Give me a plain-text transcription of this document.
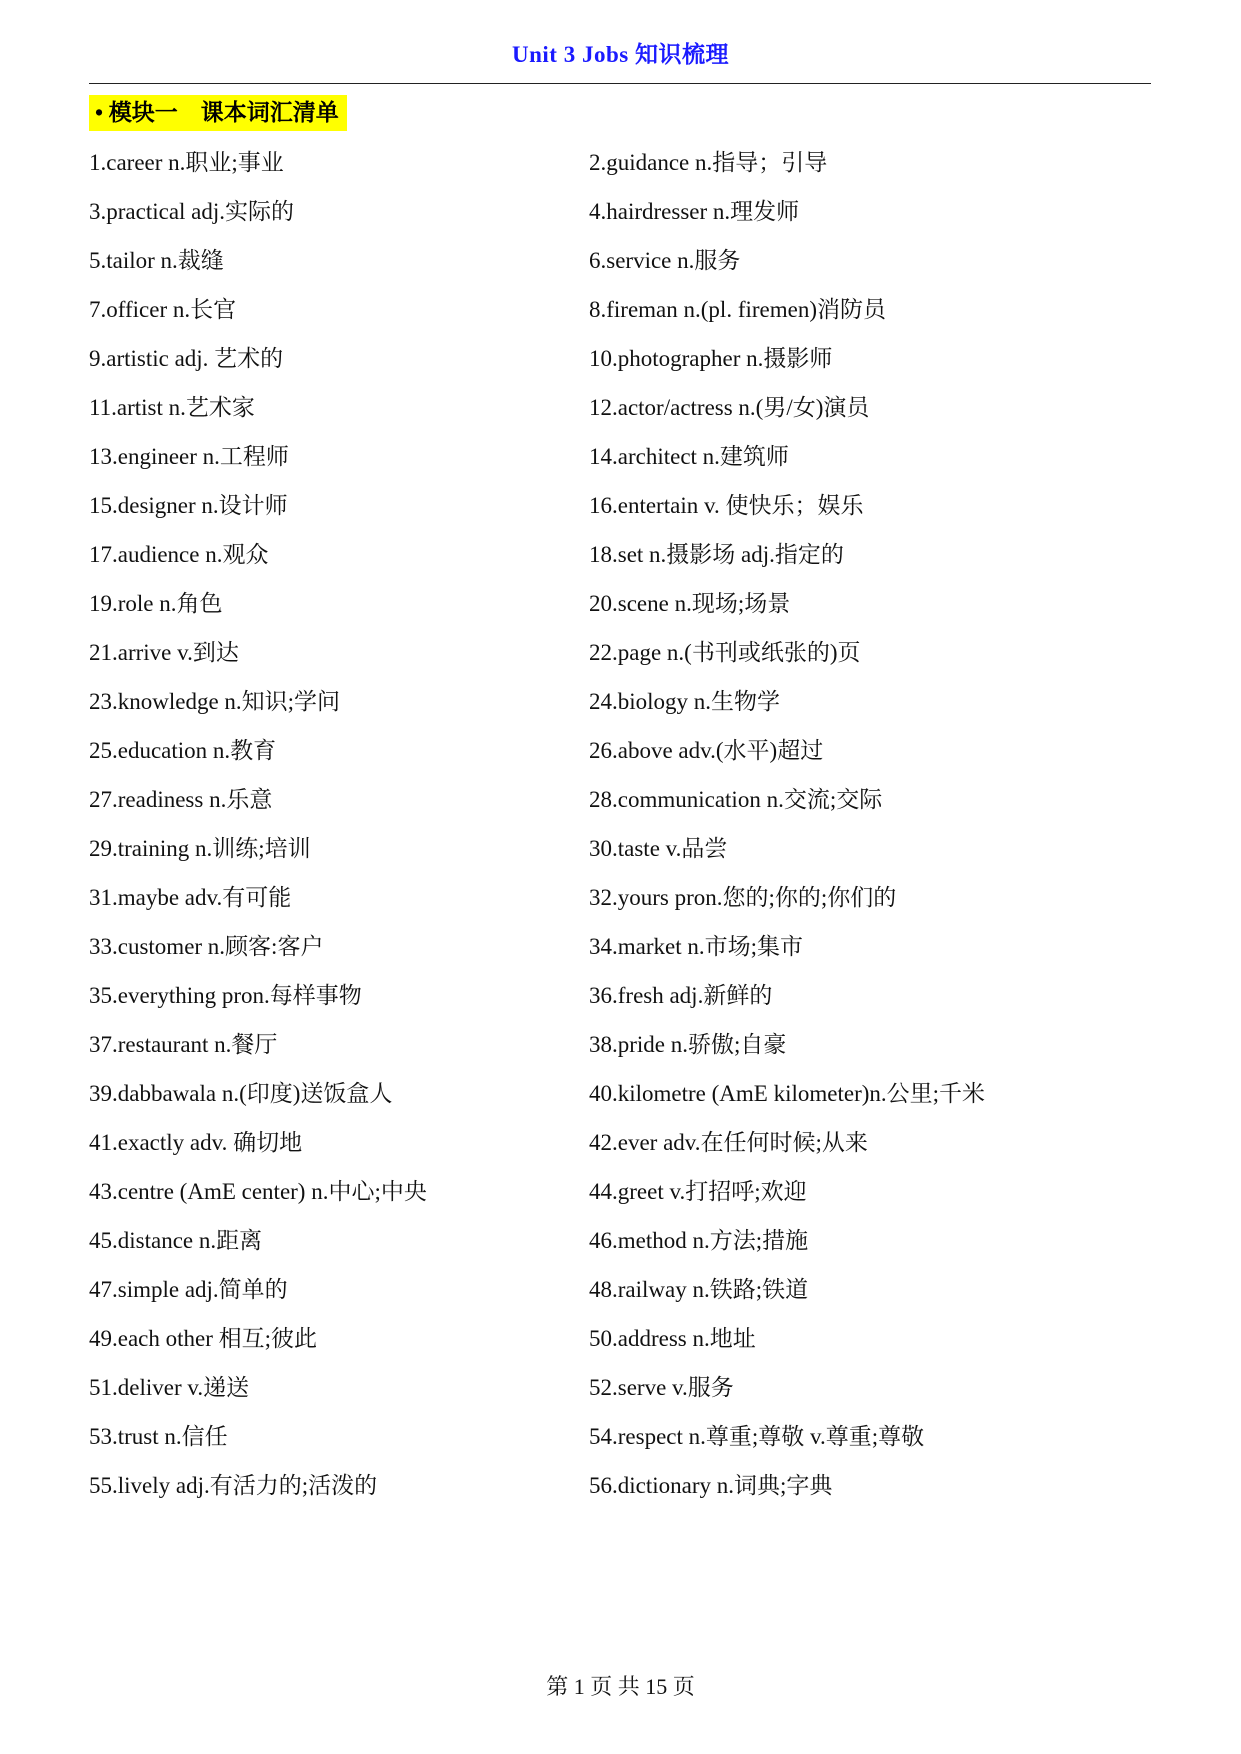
Unit 3 Jobs 知识梳理
• 模块一　课本词汇清单
1.career n.职业;事业	2.guidance n.指导；引导
3.practical adj.实际的	4.hairdresser n.理发师
5.tailor n.裁缝	6.service n.服务
7.officer n.长官	8.fireman n.(pl. firemen)消防员
9.artistic adj. 艺术的	10.photographer n.摄影师
11.artist n.艺术家	12.actor/actress n.(男/女)演员
13.engineer n.工程师	14.architect n.建筑师
15.designer n.设计师	16.entertain v. 使快乐；娱乐
17.audience n.观众	18.set n.摄影场 adj.指定的
19.role n.角色	20.scene n.现场;场景
21.arrive v.到达	22.page n.(书刊或纸张的)页
23.knowledge n.知识;学问	24.biology n.生物学
25.education n.教育	26.above adv.(水平)超过
27.readiness n.乐意	28.communication n.交流;交际
29.training n.训练;培训	30.taste v.品尝
31.maybe adv.有可能	32.yours pron.您的;你的;你们的
33.customer n.顾客:客户	34.market n.市场;集市
35.everything pron.每样事物	36.fresh adj.新鲜的
37.restaurant n.餐厅	38.pride n.骄傲;自豪
39.dabbawala n.(印度)送饭盒人	40.kilometre (AmE kilometer)n.公里;千米
41.exactly adv. 确切地	42.ever adv.在任何时候;从来
43.centre (AmE center) n.中心;中央	44.greet v.打招呼;欢迎
45.distance n.距离	46.method n.方法;措施
47.simple adj.简单的	48.railway n.铁路;铁道
49.each other 相互;彼此	50.address n.地址
51.deliver v.递送	52.serve v.服务
53.trust n.信任	54.respect n.尊重;尊敬 v.尊重;尊敬
55.lively adj.有活力的;活泼的	56.dictionary n.词典;字典
第 1 页 共 15 页
